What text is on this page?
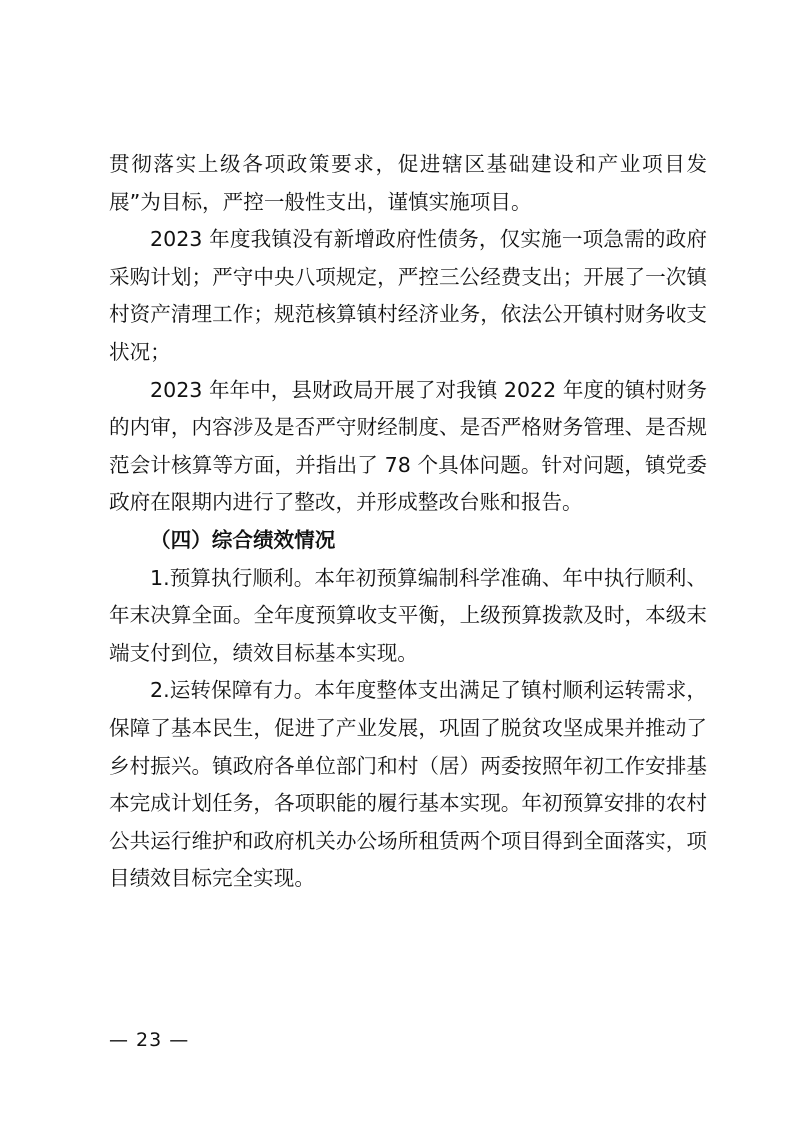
贯彻落实上级各项政策要求，促进辖区基础建设和产业项目发展”为目标，严控一般性支出，谨慎实施项目。

2023 年度我镇没有新增政府性债务，仅实施一项急需的政府采购计划；严守中央八项规定，严控三公经费支出；开展了一次镇村资产清理工作；规范核算镇村经济业务，依法公开镇村财务收支状况；

2023 年年中，县财政局开展了对我镇 2022 年度的镇村财务的内审，内容涉及是否严守财经制度、是否严格财务管理、是否规范会计核算等方面，并指出了 78 个具体问题。针对问题，镇党委政府在限期内进行了整改，并形成整改台账和报告。

（四）综合绩效情况

1.预算执行顺利。本年初预算编制科学准确、年中执行顺利、年末决算全面。全年度预算收支平衡，上级预算拨款及时，本级末端支付到位，绩效目标基本实现。

2.运转保障有力。本年度整体支出满足了镇村顺利运转需求，保障了基本民生，促进了产业发展，巩固了脱贫攻坚成果并推动了乡村振兴。镇政府各单位部门和村（居）两委按照年初工作安排基本完成计划任务，各项职能的履行基本实现。年初预算安排的农村公共运行维护和政府机关办公场所租赁两个项目得到全面落实，项目绩效目标完全实现。

— 23 —
